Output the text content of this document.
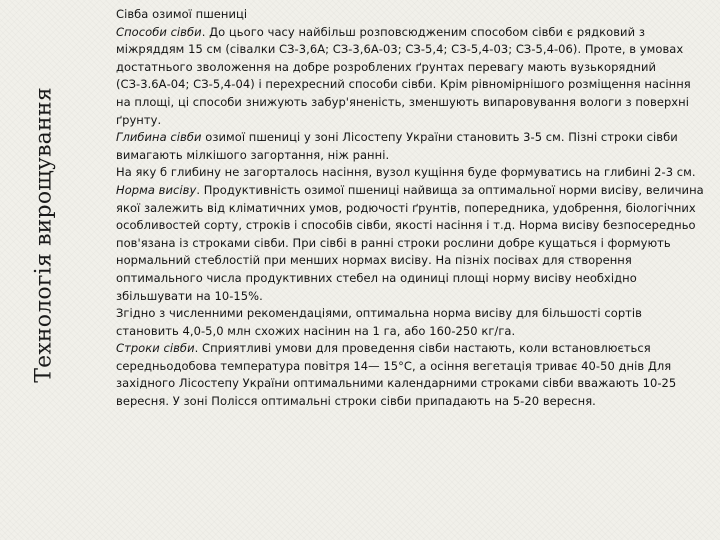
Технологія вирощування

Сівба озимої пшениці

Способи сівби. До цього часу найбільш розповсюдженим способом сівби є рядковий з міжряддям 15 см (сівалки СЗ-3,6А; СЗ-3,6А-03; СЗ-5,4; СЗ-5,4-03; СЗ-5,4-06). Проте, в умовах достатнього зволоження на добре розроблених ґрунтах перевагу мають вузькорядний (СЗ-3.6А-04; СЗ-5,4-04) і перехресний способи сівби. Крім рівномірнішого розміщення насіння на площі, ці способи знижують забур'яненість, зменшують випаровування вологи з поверхні ґрунту.

Глибина сівби озимої пшениці у зоні Лісостепу України становить 3-5 см. Пізні строки сівби вимагають мілкішого загортання, ніж ранні.

На яку б глибину не загорталось насіння, вузол кущіння буде формуватись на глибині 2-3 см.

Норма висіву. Продуктивність озимої пшениці найвища за оптимальної норми висіву, величина якої залежить від кліматичних умов, родючості ґрунтів, попередника, удобрення, біологічних особливостей сорту, строків і способів сівби, якості насіння і т.д. Норма висіву безпосередньо пов'язана із строками сівби. При сівбі в ранні строки рослини добре кущаться і формують нормальний стеблостій при менших нормах висіву. На пізніх посівах для створення оптимального числа продуктивних стебел на одиниці площі норму висіву необхідно збільшувати на 10-15%.

Згідно з численними рекомендаціями, оптимальна норма висіву для більшості сортів становить 4,0-5,0 млн схожих насінин на 1 га, або 160-250 кг/га.

Строки сівби. Сприятливі умови для проведення сівби настають, коли встановлюється середньодобова температура повітря 14— 15°С, а осіння вегетація триває 40-50 днів Для західного Лісостепу України оптимальними календарними строками сівби вважають 10-25 вересня. У зоні Полісся оптимальні строки сівби припадають на 5-20 вересня.
